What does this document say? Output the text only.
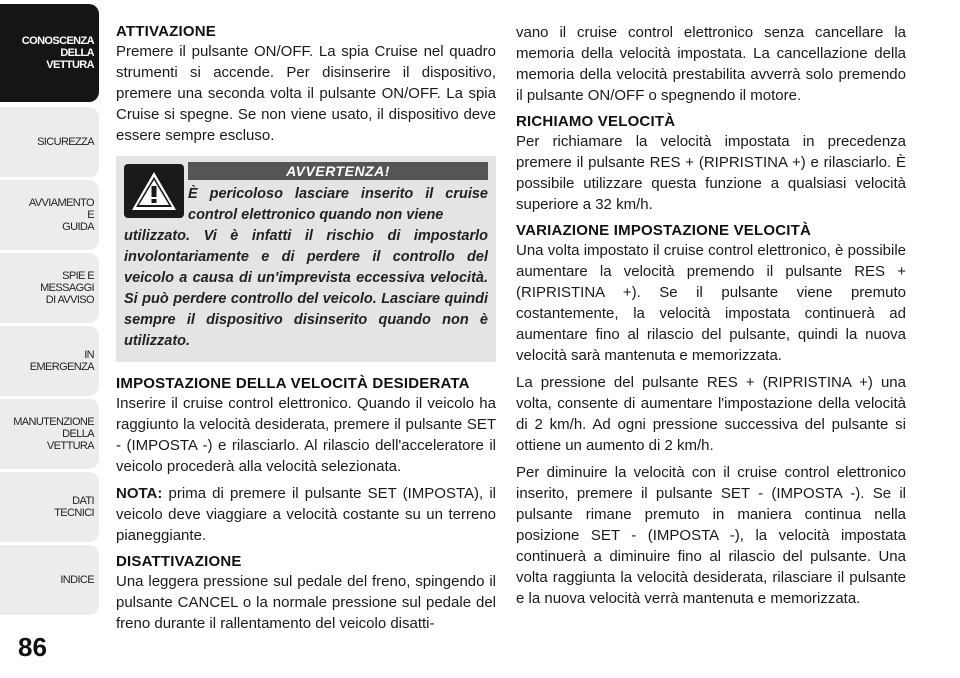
CONOSCENZA
DELLA
VETTURA
SICUREZZA
AVVIAMENTO
E
GUIDA
SPIE E
MESSAGGI
DI AVVISO
IN
EMERGENZA
MANUTENZIONE
DELLA
VETTURA
DATI
TECNICI
INDICE
86
ATTIVAZIONE

Premere il pulsante ON/OFF. La spia Cruise nel quadro strumenti si accende. Per disinserire il dispositivo, premere una seconda volta il pulsante ON/OFF. La spia Cruise si spegne. Se non viene usato, il dispositivo deve essere sempre escluso.

AVVERTENZA!
È pericoloso lasciare inserito il cruise control elettronico quando non viene
utilizzato. Vi è infatti il rischio di impostarlo involontariamente e di perdere il controllo del veicolo a causa di un'imprevista eccessiva velocità. Si può perdere controllo del veicolo. Lasciare quindi sempre il dispositivo disinserito quando non è utilizzato.
IMPOSTAZIONE DELLA VELOCITÀ DESIDERATA

Inserire il cruise control elettronico. Quando il veicolo ha raggiunto la velocità desiderata, premere il pulsante SET - (IMPOSTA -) e rilasciarlo. Al rilascio dell'acceleratore il veicolo procederà alla velocità selezionata.

NOTA: prima di premere il pulsante SET (IMPOSTA), il veicolo deve viaggiare a velocità costante su un terreno pianeggiante.

DISATTIVAZIONE

Una leggera pressione sul pedale del freno, spingendo il pulsante CANCEL o la normale pressione sul pedale del freno durante il rallentamento del veicolo disatti-

vano il cruise control elettronico senza cancellare la memoria della velocità impostata. La cancellazione della memoria della velocità prestabilita avverrà solo premendo il pulsante ON/OFF o spegnendo il motore.

RICHIAMO VELOCITÀ

Per richiamare la velocità impostata in precedenza premere il pulsante RES + (RIPRISTINA +) e rilasciarlo. È possibile utilizzare questa funzione a qualsiasi velocità superiore a 32 km/h.

VARIAZIONE IMPOSTAZIONE VELOCITÀ

Una volta impostato il cruise control elettronico, è possibile aumentare la velocità premendo il pulsante RES + (RIPRISTINA +). Se il pulsante viene premuto costantemente, la velocità impostata continuerà ad aumentare fino al rilascio del pulsante, quindi la nuova velocità sarà mantenuta e memorizzata.

La pressione del pulsante RES + (RIPRISTINA +) una volta, consente di aumentare l'impostazione della velocità di 2 km/h. Ad ogni pressione successiva del pulsante si ottiene un aumento di 2 km/h.

Per diminuire la velocità con il cruise control elettronico inserito, premere il pulsante SET - (IMPOSTA -). Se il pulsante rimane premuto in maniera continua nella posizione SET - (IMPOSTA -), la velocità impostata continuerà a diminuire fino al rilascio del pulsante. Una volta raggiunta la velocità desiderata, rilasciare il pulsante e la nuova velocità verrà mantenuta e memorizzata.
